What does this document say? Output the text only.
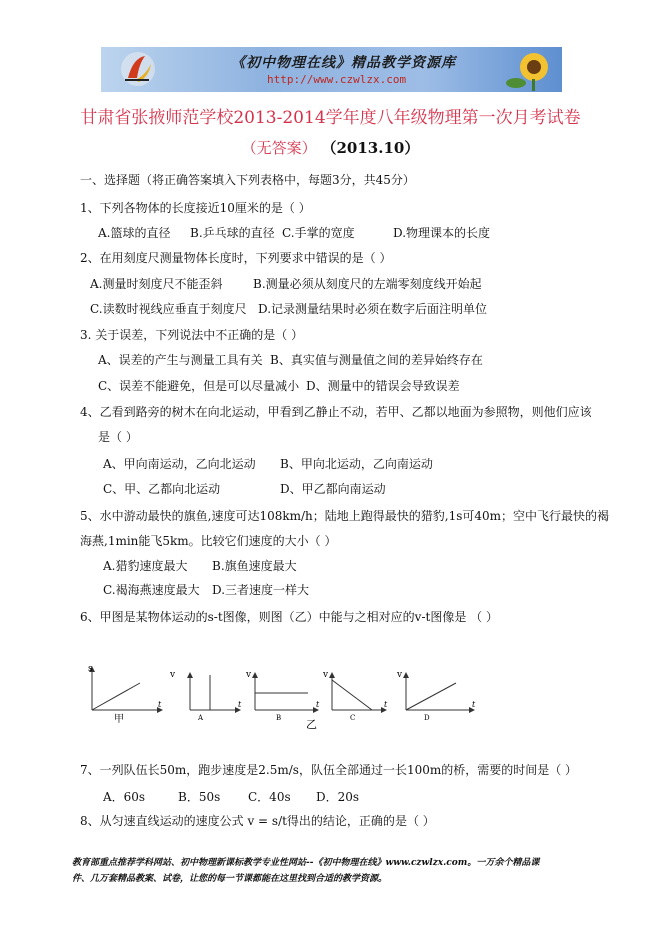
《初中物理在线》精品教学资源库
http://www.czwlzx.com
甘肃省张掖师范学校2013-2014学年度八年级物理第一次月考试卷
（无答案） （2013.10）
一、选择题（将正确答案填入下列表格中，每题3分，共45分）
1、下列各物体的长度接近10厘米的是（ ）
A.篮球的直径 B.乒乓球的直径 C.手掌的宽度	D.物理课本的长度
2、在用刻度尺测量物体长度时，下列要求中错误的是（ ）
A.测量时刻度尺不能歪斜	B.测量必须从刻度尺的左端零刻度线开始起
C.读数时视线应垂直于刻度尺 D.记录测量结果时必须在数字后面注明单位
3. 关于误差，下列说法中不正确的是（ ）
A、误差的产生与测量工具有关 B、真实值与测量值之间的差异始终存在
C、误差不能避免，但是可以尽量减小 D、测量中的错误会导致误差
4、乙看到路旁的树木在向北运动，甲看到乙静止不动，若甲、乙都以地面为参照物，则他们应该
是（ ）
A、甲向南运动，乙向北运动 B、甲向北运动，乙向南运动
C、甲、乙都向北运动	D、甲乙都向南运动
5、水中游动最快的旗鱼,速度可达108km/h；陆地上跑得最快的猎豹,1s可40m；空中飞行最快的褐
海燕,1min能飞5km。比较它们速度的大小（ ）
A.猎豹速度最大 B.旗鱼速度最大
C.褐海燕速度最大 D.三者速度一样大
6、甲图是某物体运动的s-t图像，则图（乙）中能与之相对应的v-t图像是 （ ）
s
t
甲
v
t
A
v
t
B 乙
v
t
C
v
t
D
7、一列队伍长50m，跑步速度是2.5m/s，队伍全部通过一长100m的桥，需要的时间是（ ）
A．60s	B．50s C．40s D．20s
8、从匀速直线运动的速度公式 v = s/t得出的结论，正确的是（ ）
教育部重点推荐学科网站、初中物理新课标教学专业性网站--《初中物理在线》www.czwlzx.com。一万余个精品课
件、几万套精品教案、试卷，让您的每一节课都能在这里找到合适的教学资源。
